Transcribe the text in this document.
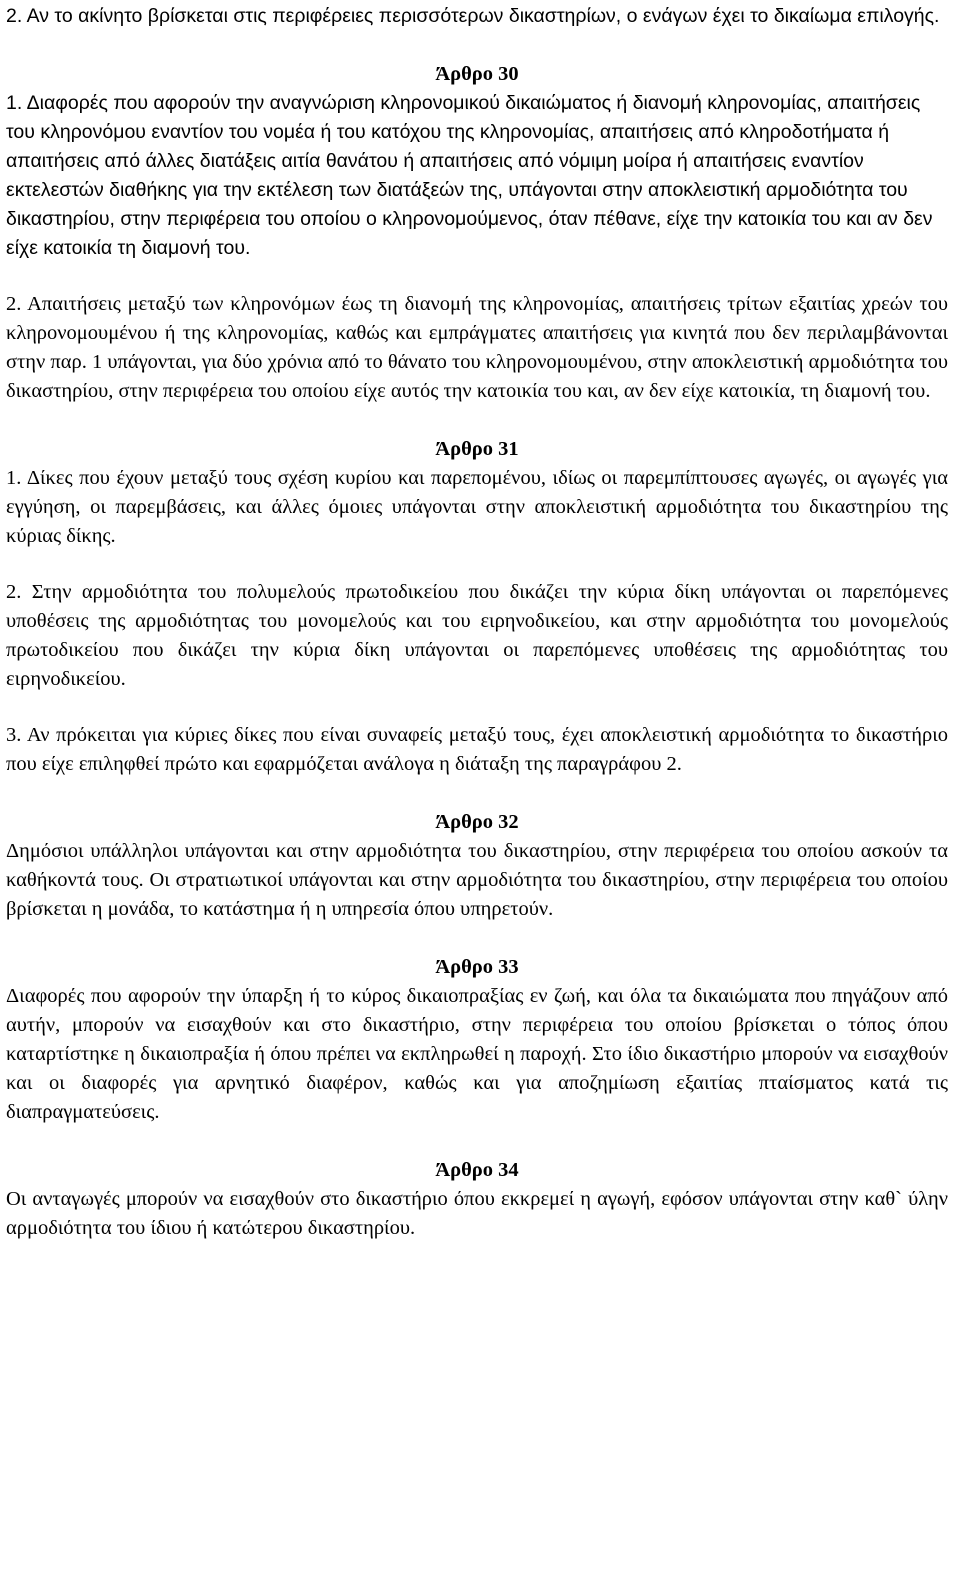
2. Αν το ακίνητο βρίσκεται στις περιφέρειες περισσότερων δικαστηρίων, ο ενάγων έχει το δικαίωμα επιλογής.

Άρθρο 30

1. Διαφορές που αφορούν την αναγνώριση κληρονομικού δικαιώματος ή διανομή κληρονομίας, απαιτήσεις του κληρονόμου εναντίον του νομέα ή του κατόχου της κληρονομίας, απαιτήσεις από κληροδοτήματα ή απαιτήσεις από άλλες διατάξεις αιτία θανάτου ή απαιτήσεις από νόμιμη μοίρα ή απαιτήσεις εναντίον εκτελεστών διαθήκης για την εκτέλεση των διατάξεών της, υπάγονται στην αποκλειστική αρμοδιότητα του δικαστηρίου, στην περιφέρεια του οποίου ο κληρονομούμενος, όταν πέθανε, είχε την κατοικία του και αν δεν είχε κατοικία τη διαμονή του.

2. Απαιτήσεις μεταξύ των κληρονόμων έως τη διανομή της κληρονομίας, απαιτήσεις τρίτων εξαιτίας χρεών του κληρονομουμένου ή της κληρονομίας, καθώς και εμπράγματες απαιτήσεις για κινητά που δεν περιλαμβάνονται στην παρ. 1 υπάγονται, για δύο χρόνια από το θάνατο του κληρονομουμένου, στην αποκλειστική αρμοδιότητα του δικαστηρίου, στην περιφέρεια του οποίου είχε αυτός την κατοικία του και, αν δεν είχε κατοικία, τη διαμονή του.

Άρθρο 31

1. Δίκες που έχουν μεταξύ τους σχέση κυρίου και παρεπομένου, ιδίως οι παρεμπίπτουσες αγωγές, οι αγωγές για εγγύηση, οι παρεμβάσεις, και άλλες όμοιες υπάγονται στην αποκλειστική αρμοδιότητα του δικαστηρίου της κύριας δίκης.

2. Στην αρμοδιότητα του πολυμελούς πρωτοδικείου που δικάζει την κύρια δίκη υπάγονται οι παρεπόμενες υποθέσεις της αρμοδιότητας του μονομελούς και του ειρηνοδικείου, και στην αρμοδιότητα του μονομελούς πρωτοδικείου που δικάζει την κύρια δίκη υπάγονται οι παρεπόμενες υποθέσεις της αρμοδιότητας του ειρηνοδικείου.

3. Αν πρόκειται για κύριες δίκες που είναι συναφείς μεταξύ τους, έχει αποκλειστική αρμοδιότητα το δικαστήριο που είχε επιληφθεί πρώτο και εφαρμόζεται ανάλογα η διάταξη της παραγράφου 2.

Άρθρο 32

Δημόσιοι υπάλληλοι υπάγονται και στην αρμοδιότητα του δικαστηρίου, στην περιφέρεια του οποίου ασκούν τα καθήκοντά τους. Οι στρατιωτικοί υπάγονται και στην αρμοδιότητα του δικαστηρίου, στην περιφέρεια του οποίου βρίσκεται η μονάδα, το κατάστημα ή η υπηρεσία όπου υπηρετούν.

Άρθρο 33

Διαφορές που αφορούν την ύπαρξη ή το κύρος δικαιοπραξίας εν ζωή, και όλα τα δικαιώματα που πηγάζουν από αυτήν, μπορούν να εισαχθούν και στο δικαστήριο, στην περιφέρεια του οποίου βρίσκεται ο τόπος όπου καταρτίστηκε η δικαιοπραξία ή όπου πρέπει να εκπληρωθεί η παροχή. Στο ίδιο δικαστήριο μπορούν να εισαχθούν και οι διαφορές για αρνητικό διαφέρον, καθώς και για αποζημίωση εξαιτίας πταίσματος κατά τις διαπραγματεύσεις.

Άρθρο 34

Οι ανταγωγές μπορούν να εισαχθούν στο δικαστήριο όπου εκκρεμεί η αγωγή, εφόσον υπάγονται στην καθ` ύλην αρμοδιότητα του ίδιου ή κατώτερου δικαστηρίου.
